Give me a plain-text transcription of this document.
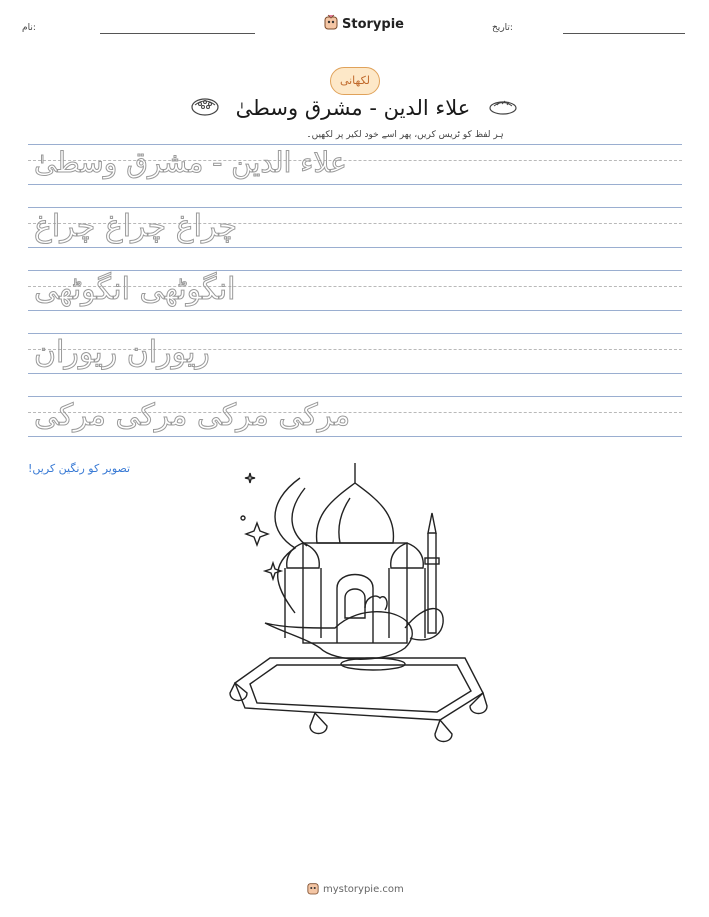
نام:	Storypie	تاریخ:
لکھانی
علاء الدین - مشرق وسطیٰ
ہر لفظ کو ٹریس کریں، پھر اسے خود لکیر پر لکھیں۔
علاء الدین - مشرق وسطیٰ
چراغ چراغ چراغ
انگوٹھی انگوٹھی
ریوران ریوران
مرکی مرکی مرکی مرکی
تصویر کو رنگین کریں!
mystorypie.com
